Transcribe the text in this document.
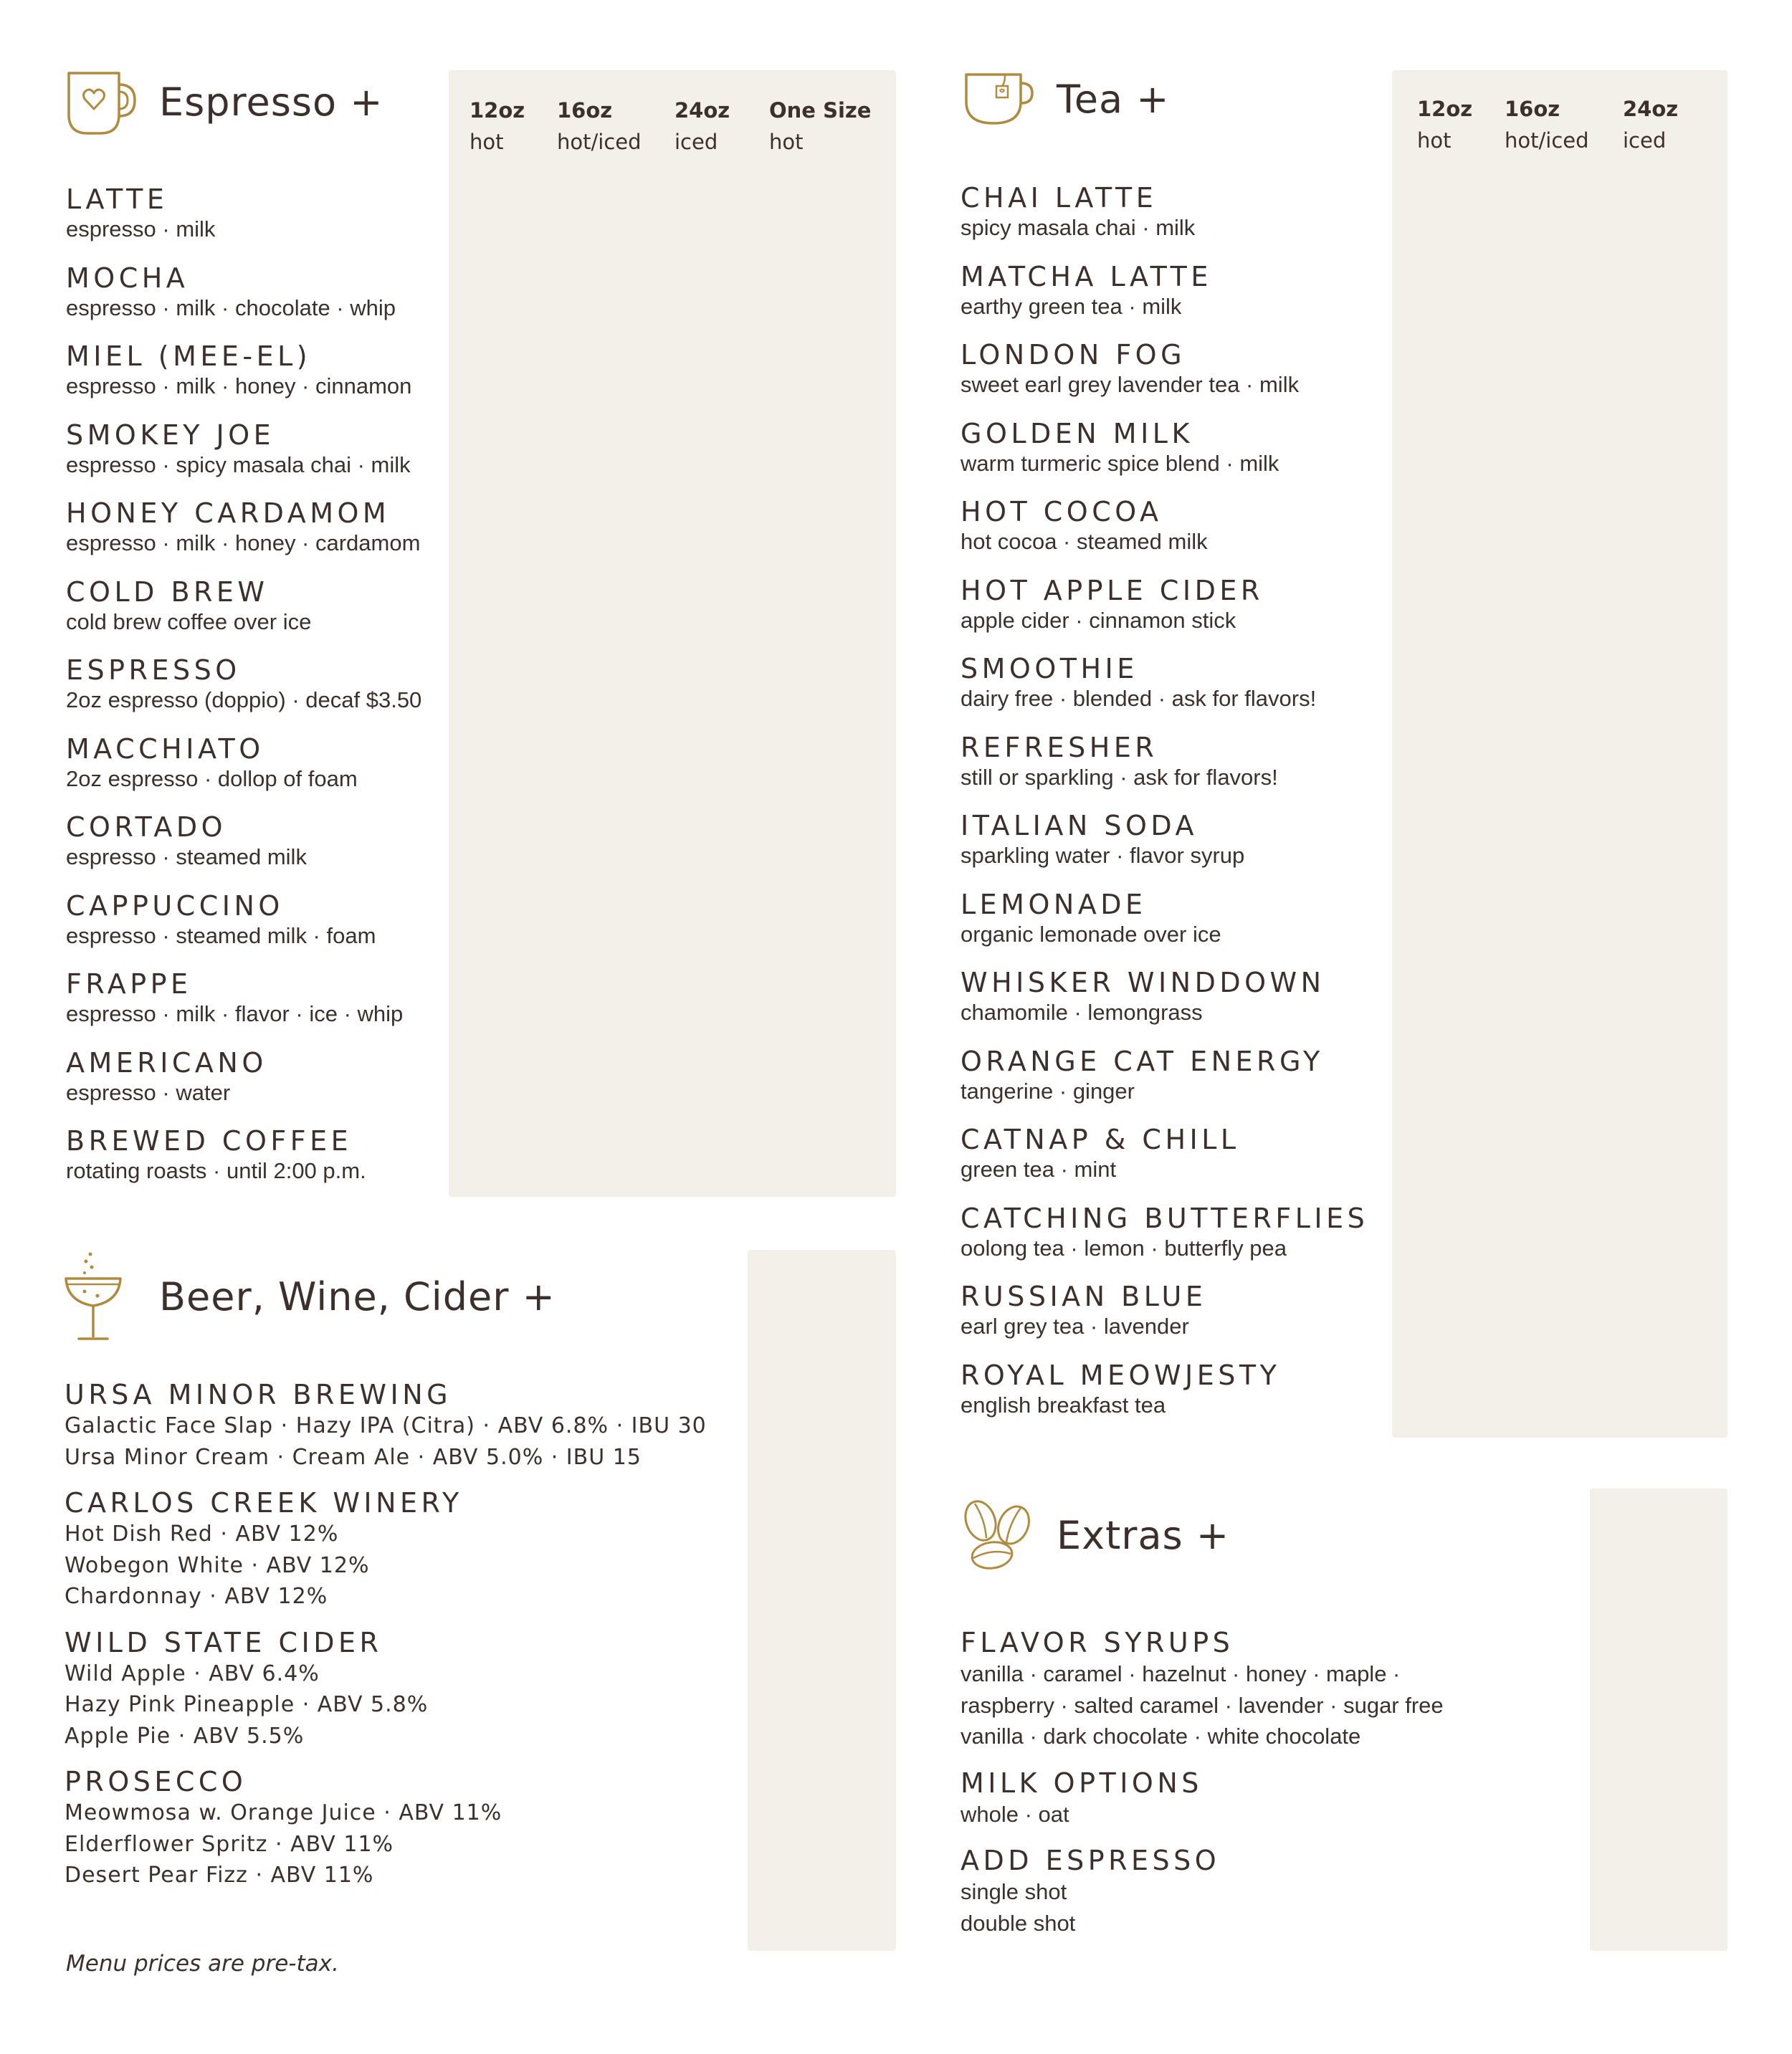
Espresso +	12oz
hot
16oz
hot/iced
24oz
iced
One Size
hot
LATTE
espresso · milk
MOCHA
espresso · milk · chocolate · whip
MIEL (MEE-EL)
espresso · milk · honey · cinnamon
SMOKEY JOE
espresso · spicy masala chai · milk
HONEY CARDAMOM
espresso · milk · honey · cardamom
COLD BREW
cold brew coffee over ice
ESPRESSO
2oz espresso (doppio) · decaf $3.50
MACCHIATO
2oz espresso · dollop of foam
CORTADO
espresso · steamed milk
CAPPUCCINO
espresso · steamed milk · foam
FRAPPE
espresso · milk · flavor · ice · whip
AMERICANO
espresso · water
BREWED COFFEE
rotating roasts · until 2:00 p.m.
Tea +	12oz
hot
16oz
hot/iced
24oz
iced
CHAI LATTE
spicy masala chai · milk
MATCHA LATTE
earthy green tea · milk
LONDON FOG
sweet earl grey lavender tea · milk
GOLDEN MILK
warm turmeric spice blend · milk
HOT COCOA
hot cocoa · steamed milk
HOT APPLE CIDER
apple cider · cinnamon stick
SMOOTHIE
dairy free · blended · ask for flavors!
REFRESHER
still or sparkling · ask for flavors!
ITALIAN SODA
sparkling water · flavor syrup
LEMONADE
organic lemonade over ice
WHISKER WINDDOWN
chamomile · lemongrass
ORANGE CAT ENERGY
tangerine · ginger
CATNAP & CHILL
green tea · mint
CATCHING BUTTERFLIES
oolong tea · lemon · butterfly pea
RUSSIAN BLUE
earl grey tea · lavender
ROYAL MEOWJESTY
english breakfast tea
Beer, Wine, Cider +
URSA MINOR BREWING
Galactic Face Slap · Hazy IPA (Citra) · ABV 6.8% · IBU 30
Ursa Minor Cream · Cream Ale · ABV 5.0% · IBU 15
CARLOS CREEK WINERY
Hot Dish Red · ABV 12%
Wobegon White · ABV 12%
Chardonnay · ABV 12%
WILD STATE CIDER
Wild Apple · ABV 6.4%
Hazy Pink Pineapple · ABV 5.8%
Apple Pie · ABV 5.5%
PROSECCO
Meowmosa w. Orange Juice · ABV 11%
Elderflower Spritz · ABV 11%
Desert Pear Fizz · ABV 11%
Extras +
FLAVOR SYRUPS
vanilla · caramel · hazelnut · honey · maple ·
raspberry · salted caramel · lavender · sugar free
vanilla · dark chocolate · white chocolate
MILK OPTIONS
whole · oat
ADD ESPRESSO
single shot
double shot
Menu prices are pre-tax.
